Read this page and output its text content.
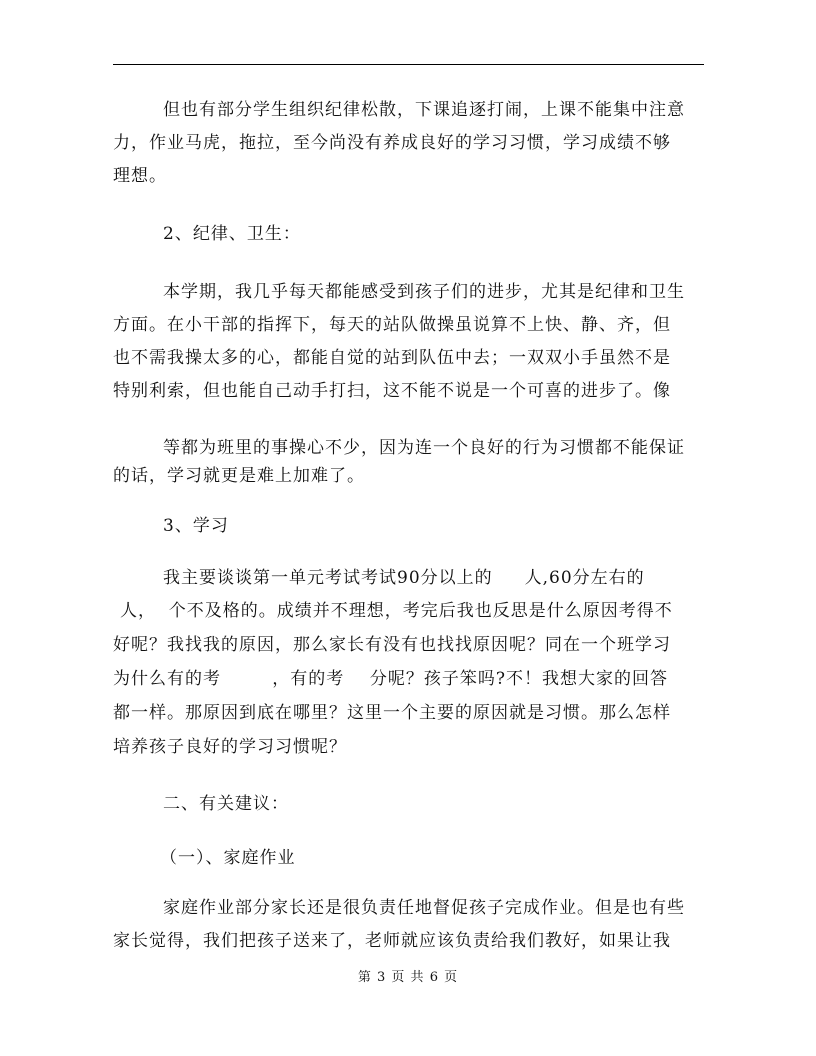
但也有部分学生组织纪律松散，下课追逐打闹，上课不能集中注意
力，作业马虎，拖拉，至今尚没有养成良好的学习习惯，学习成绩不够
理想。
2、纪律、卫生：
本学期，我几乎每天都能感受到孩子们的进步，尤其是纪律和卫生
方面。在小干部的指挥下，每天的站队做操虽说算不上快、静、齐，但
也不需我操太多的心，都能自觉的站到队伍中去；一双双小手虽然不是
特别利索，但也能自己动手打扫，这不能不说是一个可喜的进步了。像
等都为班里的事操心不少，因为连一个良好的行为习惯都不能保证
的话，学习就更是难上加难了。
3、学习
我主要谈谈第一单元考试考试90分以上的     人,60分左右的
人，  个不及格的。成绩并不理想，考完后我也反思是什么原因考得不
好呢？我找我的原因，那么家长有没有也找找原因呢？同在一个班学习
为什么有的考        ，有的考    分呢？孩子笨吗?不！我想大家的回答
都一样。那原因到底在哪里？这里一个主要的原因就是习惯。那么怎样
培养孩子良好的学习习惯呢？
二、有关建议：
（一）、家庭作业
家庭作业部分家长还是很负责任地督促孩子完成作业。但是也有些
家长觉得，我们把孩子送来了，老师就应该负责给我们教好，如果让我
第 3 页 共 6 页
